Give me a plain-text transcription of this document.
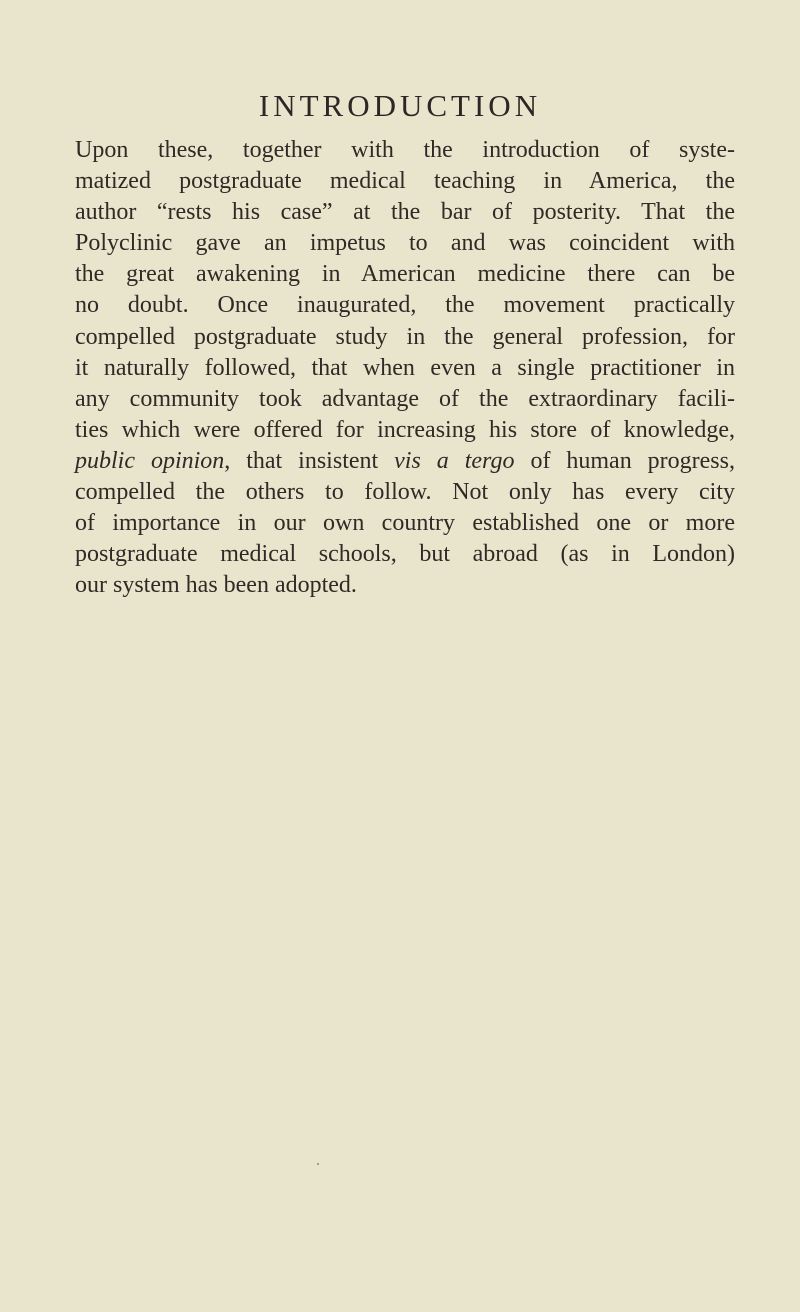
INTRODUCTION

Upon these, together with the introduction of syste-
matized postgraduate medical teaching in America, the
author “rests his case” at the bar of posterity. That the
Polyclinic gave an impetus to and was coincident with
the great awakening in American medicine there can be
no doubt. Once inaugurated, the movement practically
compelled postgraduate study in the general profession, for
it naturally followed, that when even a single practitioner in
any community took advantage of the extraordinary facili-
ties which were offered for increasing his store of knowledge,
public opinion, that insistent vis a tergo of human progress,
compelled the others to follow. Not only has every city
of importance in our own country established one or more
postgraduate medical schools, but abroad (as in London)
our system has been adopted.
